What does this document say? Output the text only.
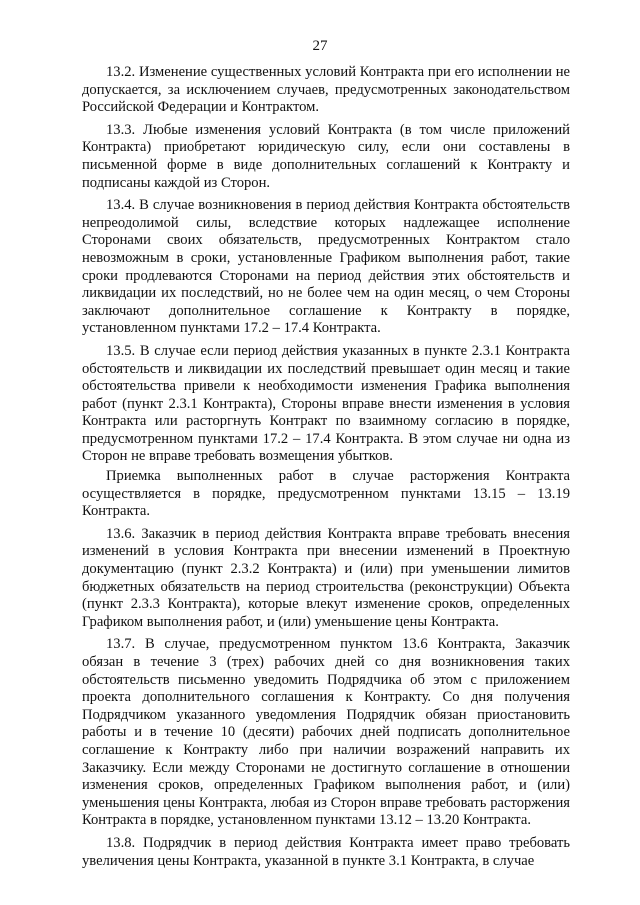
27

13.2. Изменение существенных условий Контракта при его исполнении не допускается, за исключением случаев, предусмотренных законодательством Российской Федерации и Контрактом.

13.3. Любые изменения условий Контракта (в том числе приложений Контракта) приобретают юридическую силу, если они составлены в письменной форме в виде дополнительных соглашений к Контракту и подписаны каждой из Сторон.

13.4. В случае возникновения в период действия Контракта обстоятельств непреодолимой силы, вследствие которых надлежащее исполнение Сторонами своих обязательств, предусмотренных Контрактом стало невозможным в сроки, установленные Графиком выполнения работ, такие сроки продлеваются Сторонами на период действия этих обстоятельств и ликвидации их последствий, но не более чем на один месяц, о чем Стороны заключают дополнительное соглашение к Контракту в порядке, установленном пунктами 17.2 – 17.4 Контракта.

13.5. В случае если период действия указанных в пункте 2.3.1 Контракта обстоятельств и ликвидации их последствий превышает один месяц и такие обстоятельства привели к необходимости изменения Графика выполнения работ (пункт 2.3.1 Контракта), Стороны вправе внести изменения в условия Контракта или расторгнуть Контракт по взаимному согласию в порядке, предусмотренном пунктами 17.2 – 17.4 Контракта. В этом случае ни одна из Сторон не вправе требовать возмещения убытков.

Приемка выполненных работ в случае расторжения Контракта осуществляется в порядке, предусмотренном пунктами 13.15 – 13.19 Контракта.

13.6. Заказчик в период действия Контракта вправе требовать внесения изменений в условия Контракта при внесении изменений в Проектную документацию (пункт 2.3.2 Контракта) и (или) при уменьшении лимитов бюджетных обязательств на период строительства (реконструкции) Объекта (пункт 2.3.3 Контракта), которые влекут изменение сроков, определенных Графиком выполнения работ, и (или) уменьшение цены Контракта.

13.7. В случае, предусмотренном пунктом 13.6 Контракта, Заказчик обязан в течение 3 (трех) рабочих дней со дня возникновения таких обстоятельств письменно уведомить Подрядчика об этом с приложением проекта дополнительного соглашения к Контракту. Со дня получения Подрядчиком указанного уведомления Подрядчик обязан приостановить работы и в течение 10 (десяти) рабочих дней подписать дополнительное соглашение к Контракту либо при наличии возражений направить их Заказчику. Если между Сторонами не достигнуто соглашение в отношении изменения сроков, определенных Графиком выполнения работ, и (или) уменьшения цены Контракта, любая из Сторон вправе требовать расторжения Контракта в порядке, установленном пунктами 13.12 – 13.20 Контракта.

13.8. Подрядчик в период действия Контракта имеет право требовать увеличения цены Контракта, указанной в пункте 3.1 Контракта, в случае
